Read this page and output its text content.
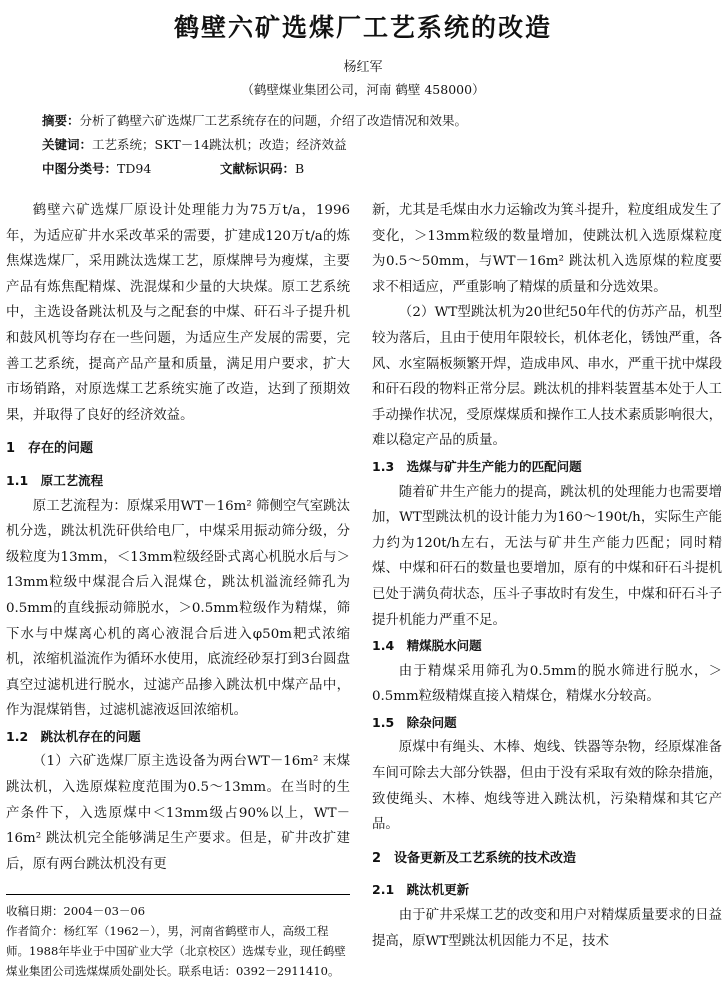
鹤壁六矿选煤厂工艺系统的改造
杨红军
（鹤壁煤业集团公司，河南 鹤壁 458000）
摘要：分析了鹤壁六矿选煤厂工艺系统存在的问题，介绍了改造情况和效果。
关键词：工艺系统；SKT－14跳汰机；改造；经济效益
中图分类号：TD94	文献标识码：B

鹤壁六矿选煤厂原设计处理能力为75万t/a，1996年，为适应矿井水采改革采的需要，扩建成120万t/a的炼焦煤选煤厂，采用跳汰选煤工艺，原煤牌号为瘦煤，主要产品有炼焦配精煤、洗混煤和少量的大块煤。原工艺系统中，主选设备跳汰机及与之配套的中煤、矸石斗子提升机和鼓风机等均存在一些问题，为适应生产发展的需要，完善工艺系统，提高产品产量和质量，满足用户要求，扩大市场销路，对原选煤工艺系统实施了改造，达到了预期效果，并取得了良好的经济效益。

1　存在的问题
1.1　原工艺流程

原工艺流程为：原煤采用WT－16m² 筛侧空气室跳汰机分选，跳汰机洗矸供给电厂，中煤采用振动筛分级，分级粒度为13mm，＜13mm粒级经卧式离心机脱水后与＞13mm粒级中煤混合后入混煤仓，跳汰机溢流经筛孔为0.5mm的直线振动筛脱水，＞0.5mm粒级作为精煤，筛下水与中煤离心机的离心液混合后进入φ50m耙式浓缩机，浓缩机溢流作为循环水使用，底流经砂泵打到3台圆盘真空过滤机进行脱水，过滤产品掺入跳汰机中煤产品中，作为混煤销售，过滤机滤液返回浓缩机。

1.2　跳汰机存在的问题

（1）六矿选煤厂原主选设备为两台WT－16m² 末煤跳汰机，入选原煤粒度范围为0.5～13mm。在当时的生产条件下，入选原煤中＜13mm级占90%以上，WT－16m² 跳汰机完全能够满足生产要求。但是，矿井改扩建后，原有两台跳汰机没有更

收稿日期：2004－03－06
作者简介：杨红军（1962－），男，河南省鹤壁市人，高级工程师。1988年毕业于中国矿业大学（北京校区）选煤专业，现任鹤壁煤业集团公司选煤煤质处副处长。联系电话：0392－2911410。

新，尤其是毛煤由水力运输改为箕斗提升，粒度组成发生了变化，＞13mm粒级的数量增加，使跳汰机入选原煤粒度为0.5～50mm，与WT－16m² 跳汰机入选原煤的粒度要求不相适应，严重影响了精煤的质量和分选效果。

（2）WT型跳汰机为20世纪50年代的仿苏产品，机型较为落后，且由于使用年限较长，机体老化，锈蚀严重，各风、水室隔板频繁开焊，造成串风、串水，严重干扰中煤段和矸石段的物料正常分层。跳汰机的排料装置基本处于人工手动操作状况，受原煤煤质和操作工人技术素质影响很大，难以稳定产品的质量。

1.3　选煤与矿井生产能力的匹配问题

随着矿井生产能力的提高，跳汰机的处理能力也需要增加，WT型跳汰机的设计能力为160～190t/h，实际生产能力约为120t/h左右，无法与矿井生产能力匹配；同时精煤、中煤和矸石的数量也要增加，原有的中煤和矸石斗提机已处于满负荷状态，压斗子事故时有发生，中煤和矸石斗子提升机能力严重不足。

1.4　精煤脱水问题

由于精煤采用筛孔为0.5mm的脱水筛进行脱水，＞0.5mm粒级精煤直接入精煤仓，精煤水分较高。

1.5　除杂问题

原煤中有绳头、木棒、炮线、铁器等杂物，经原煤准备车间可除去大部分铁器，但由于没有采取有效的除杂措施，致使绳头、木棒、炮线等进入跳汰机，污染精煤和其它产品。

2　设备更新及工艺系统的技术改造
2.1　跳汰机更新

由于矿井采煤工艺的改变和用户对精煤质量要求的日益提高，原WT型跳汰机因能力不足，技术
